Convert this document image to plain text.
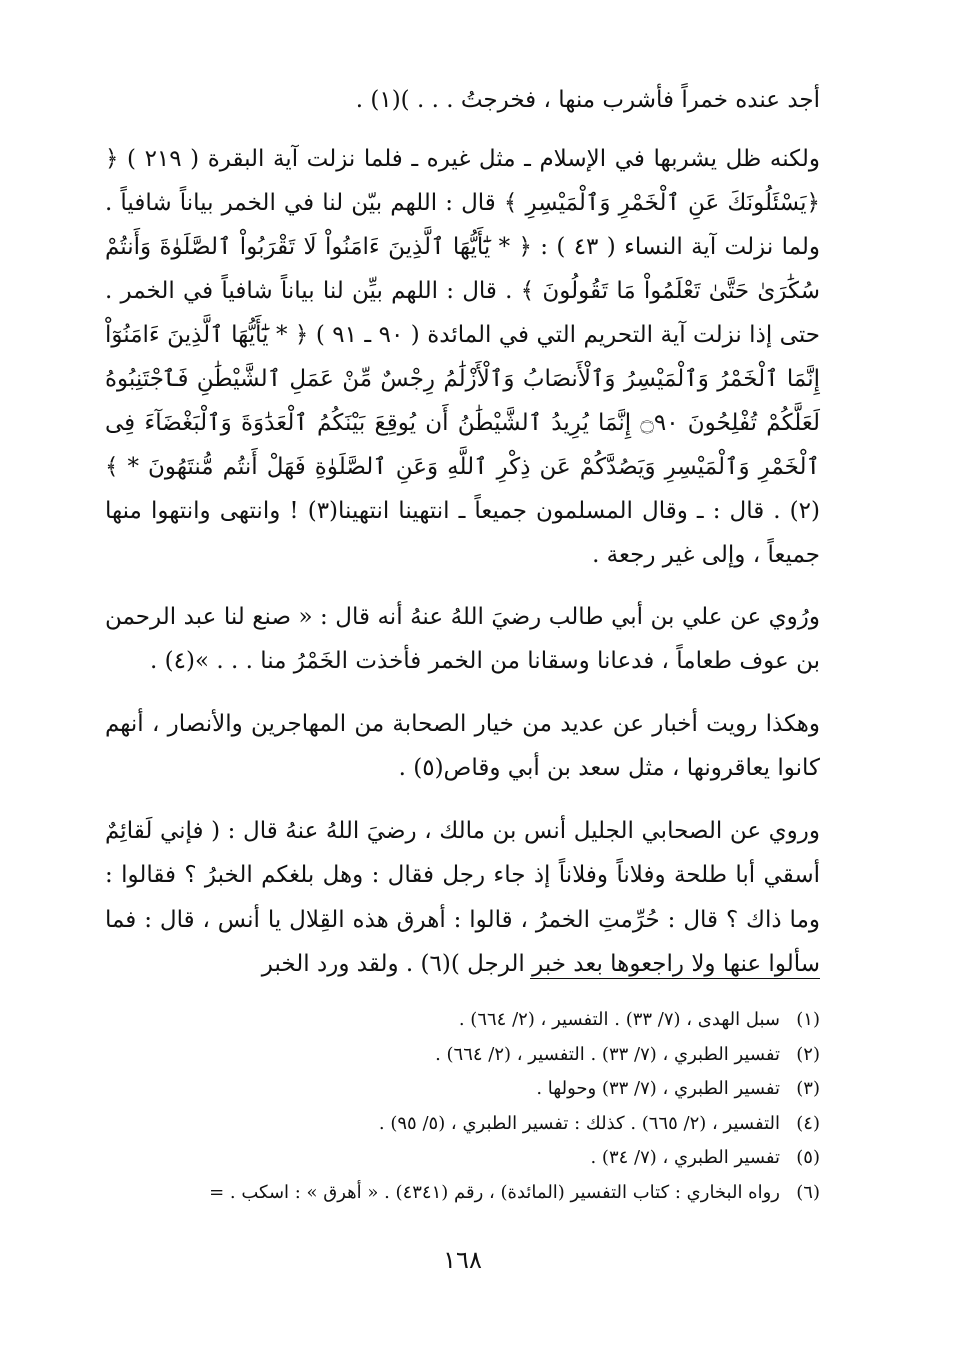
أجد عنده خمراً فأشرب منها ، فخرجتُ . . . )(١) .

ولكنه ظل يشربها في الإسلام ـ مثل غيره ـ فلما نزلت آية البقرة ( ٢١٩ ) ﴿ ﴿يَسْئَلُونَكَ عَنِ ٱلْخَمْرِ وَٱلْمَيْسِرِ ﴾ قال : اللهم بيّن لنا في الخمر بياناً شافياً . ولما نزلت آية النساء ( ٤٣ ) : ﴿ * يَٰٓأَيُّهَا ٱلَّذِينَ ءَامَنُواْ لَا تَقْرَبُواْ ٱلصَّلَوٰةَ وَأَنتُمْ سُكَٰرَىٰ حَتَّىٰ تَعْلَمُواْ مَا تَقُولُونَ ﴾ . قال : اللهم بيِّن لنا بياناً شافياً في الخمر . حتى إذا نزلت آية التحريم التي في المائدة ( ٩٠ ـ ٩١ ) ﴿ * يَٰٓأَيُّهَا ٱلَّذِينَ ءَامَنُوٓاْ إِنَّمَا ٱلْخَمْرُ وَٱلْمَيْسِرُ وَٱلْأَنصَابُ وَٱلْأَزْلَٰمُ رِجْسٌ مِّنْ عَمَلِ ٱلشَّيْطَٰنِ فَٱجْتَنِبُوهُ لَعَلَّكُمْ تُفْلِحُونَ ۝٩٠ إِنَّمَا يُرِيدُ ٱلشَّيْطَٰنُ أَن يُوقِعَ بَيْنَكُمُ ٱلْعَدَٰوَةَ وَٱلْبَغْضَآءَ فِى ٱلْخَمْرِ وَٱلْمَيْسِرِ وَيَصُدَّكُمْ عَن ذِكْرِ ٱللَّهِ وَعَنِ ٱلصَّلَوٰةِ فَهَلْ أَنتُم مُّنتَهُونَ * ﴾(٢) . قال : ـ وقال المسلمون جميعاً ـ انتهينا انتهينا(٣) ! وانتهى وانتهوا منها جميعاً ، وإلى غير رجعة .

ورُوي عن علي بن أبي طالب رضيَ اللهُ عنهُ أنه قال : « صنع لنا عبد الرحمن بن عوف طعاماً ، فدعانا وسقانا من الخمر فأخذت الخَمْرُ منا . . . »(٤) .

وهكذا رويت أخبار عن عديد من خيار الصحابة من المهاجرين والأنصار ، أنهم كانوا يعاقرونها ، مثل سعد بن أبي وقاص(٥) .

وروي عن الصحابي الجليل أنس بن مالك ، رضيَ اللهُ عنهُ قال : ( فإني لَقائِمٌ أسقي أبا طلحة وفلاناً وفلاناً إذ جاء رجل فقال : وهل بلغكم الخبرُ ؟ فقالوا : وما ذاك ؟ قال : حُرِّمتِ الخمرُ ، قالوا : أهرق هذه القِلال يا أنس ، قال : فما سألوا عنها ولا راجعوها بعد خبر الرجل )(٦) . ولقد ورد الخبر

(١)
سبل الهدى ، (٧/ ٣٣) . التفسير ، (٢/ ٦٦٤) .
(٢)
تفسير الطبري ، (٧/ ٣٣) . التفسير ، (٢/ ٦٦٤) .
(٣)
تفسير الطبري ، (٧/ ٣٣) وحولها .
(٤)
التفسير ، (٢/ ٦٦٥) . كذلك : تفسير الطبري ، (٥/ ٩٥) .
(٥)
تفسير الطبري ، (٧/ ٣٤) .
(٦)
رواه البخاري : كتاب التفسير (المائدة) ، رقم (٤٣٤١) . « أهرق » : اسكب . =
١٦٨
